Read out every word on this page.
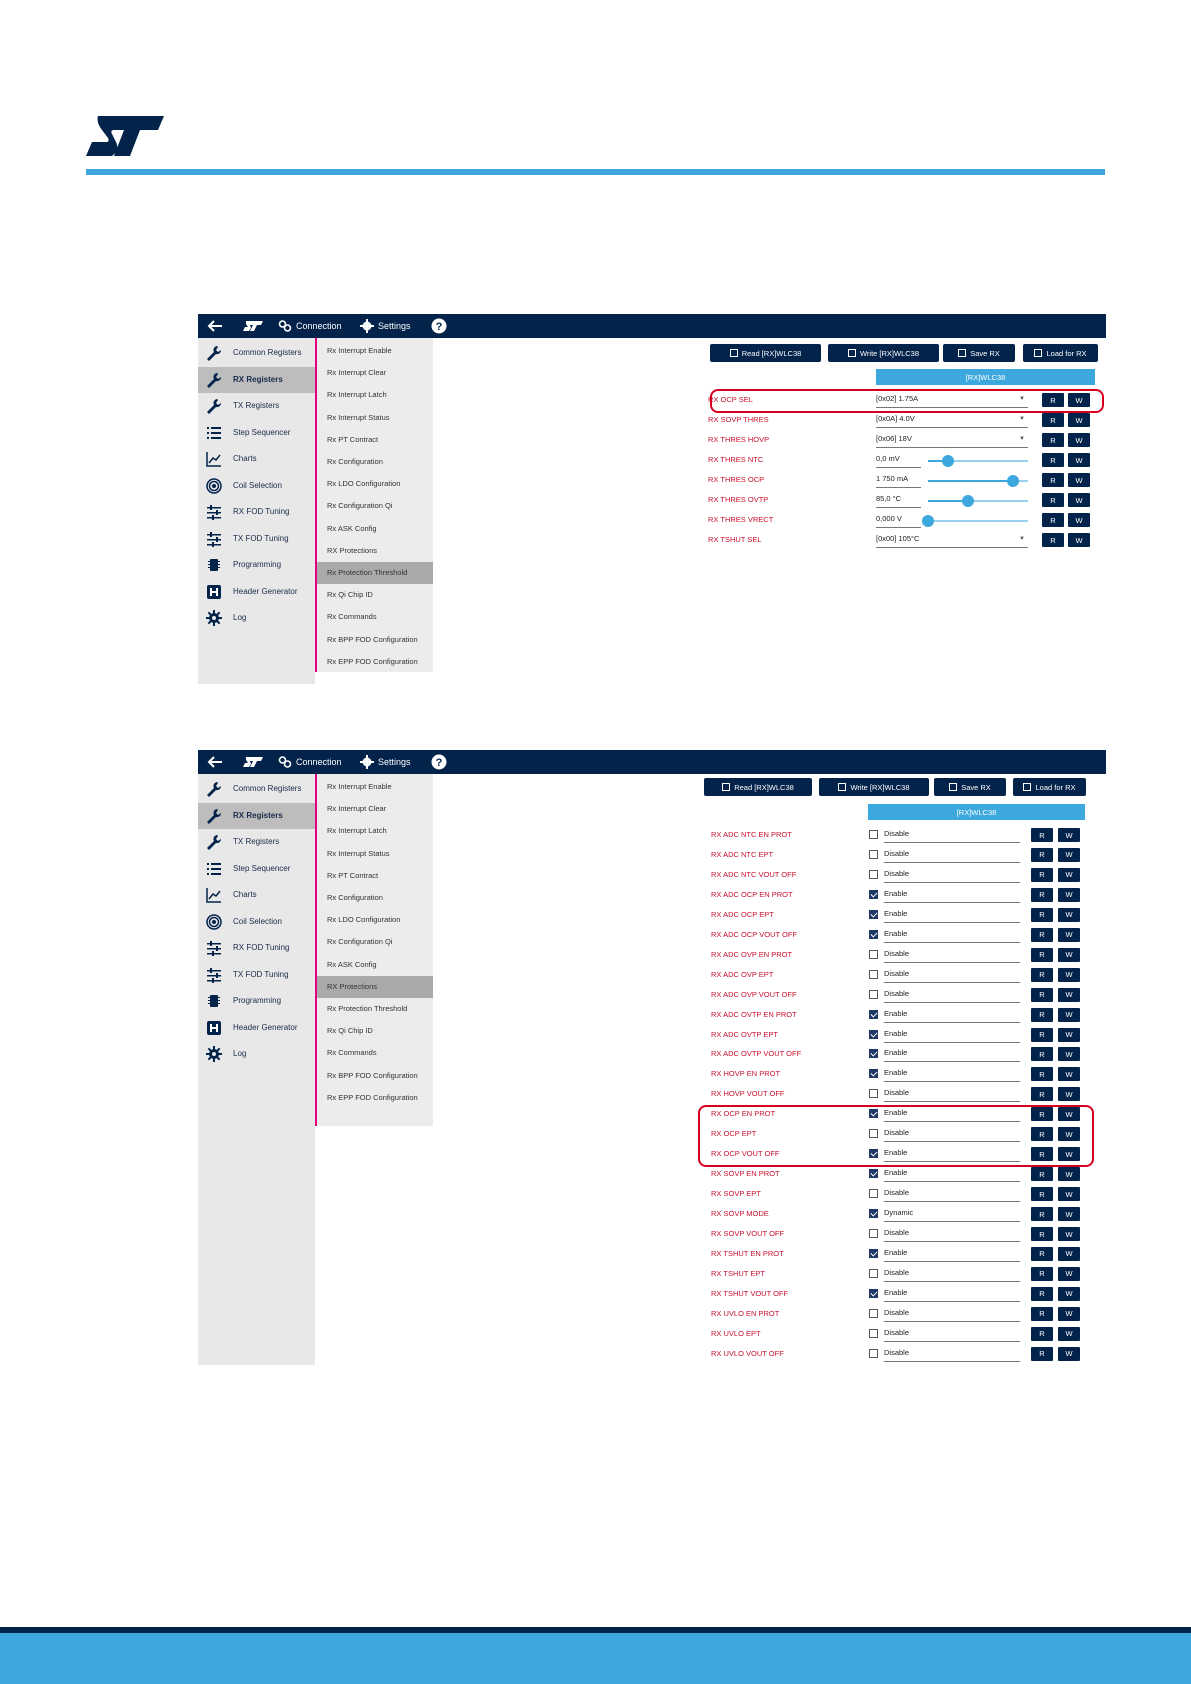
Connection	Settings ?
Common Registers
RX Registers
TX Registers
Step Sequencer
Charts
Coil Selection
RX FOD Tuning
TX FOD Tuning
Programming
Header Generator
Log
Rx Interrupt Enable
Rx Interrupt Clear
Rx Interrupt Latch
Rx Interrupt Status
Rx PT Contract
Rx Configuration
Rx LDO Configuration
Rx Configuration Qi
Rx ASK Config
RX Protections
Rx Protection Threshold
Rx Qi Chip ID
Rx Commands
Rx BPP FOD Configuration
Rx EPP FOD Configuration
Read [RX]WLC38	Write [RX]WLC38	Save RX	Load for RX
[RX]WLC38
RX OCP SEL	[0x02] 1.75A	▼	R	W
RX SOVP THRES	[0x0A] 4.0V	▼	R	W
RX THRES HOVP	[0x06] 18V	▼	R	W
RX THRES NTC	0,0 mV	R	W
RX THRES OCP	1 750 mA	R	W
RX THRES OVTP	85,0 °C	R	W
RX THRES VRECT	0,000 V	R	W
RX TSHUT SEL	[0x00] 105°C	▼	R	W
Connection	Settings ?
Common Registers
RX Registers
TX Registers
Step Sequencer
Charts
Coil Selection
RX FOD Tuning
TX FOD Tuning
Programming
Header Generator
Log
Rx Interrupt Enable
Rx Interrupt Clear
Rx Interrupt Latch
Rx Interrupt Status
Rx PT Contract
Rx Configuration
Rx LDO Configuration
Rx Configuration Qi
Rx ASK Config
RX Protections
Rx Protection Threshold
Rx Qi Chip ID
Rx Commands
Rx BPP FOD Configuration
Rx EPP FOD Configuration
Read [RX]WLC38	Write [RX]WLC38	Save RX	Load for RX
[RX]WLC38
RX ADC NTC EN PROT	Disable	R	W
RX ADC NTC EPT	Disable	R	W
RX ADC NTC VOUT OFF	Disable	R	W
RX ADC OCP EN PROT	Enable	R	W
RX ADC OCP EPT	Enable	R	W
RX ADC OCP VOUT OFF	Enable	R	W
RX ADC OVP EN PROT	Disable	R	W
RX ADC OVP EPT	Disable	R	W
RX ADC OVP VOUT OFF	Disable	R	W
RX ADC OVTP EN PROT	Enable	R	W
RX ADC OVTP EPT	Enable	R	W
RX ADC OVTP VOUT OFF	Enable	R	W
RX HOVP EN PROT	Enable	R	W
RX HOVP VOUT OFF	Disable	R	W
RX OCP EN PROT	Enable	R	W
RX OCP EPT	Disable	R	W
RX OCP VOUT OFF	Enable	R	W
RX SOVP EN PROT	Enable	R	W
RX SOVP EPT	Disable	R	W
RX SOVP MODE	Dynamic	R	W
RX SOVP VOUT OFF	Disable	R	W
RX TSHUT EN PROT	Enable	R	W
RX TSHUT EPT	Disable	R	W
RX TSHUT VOUT OFF	Enable	R	W
RX UVLO EN PROT	Disable	R	W
RX UVLO EPT	Disable	R	W
RX UVLO VOUT OFF	Disable	R	W
